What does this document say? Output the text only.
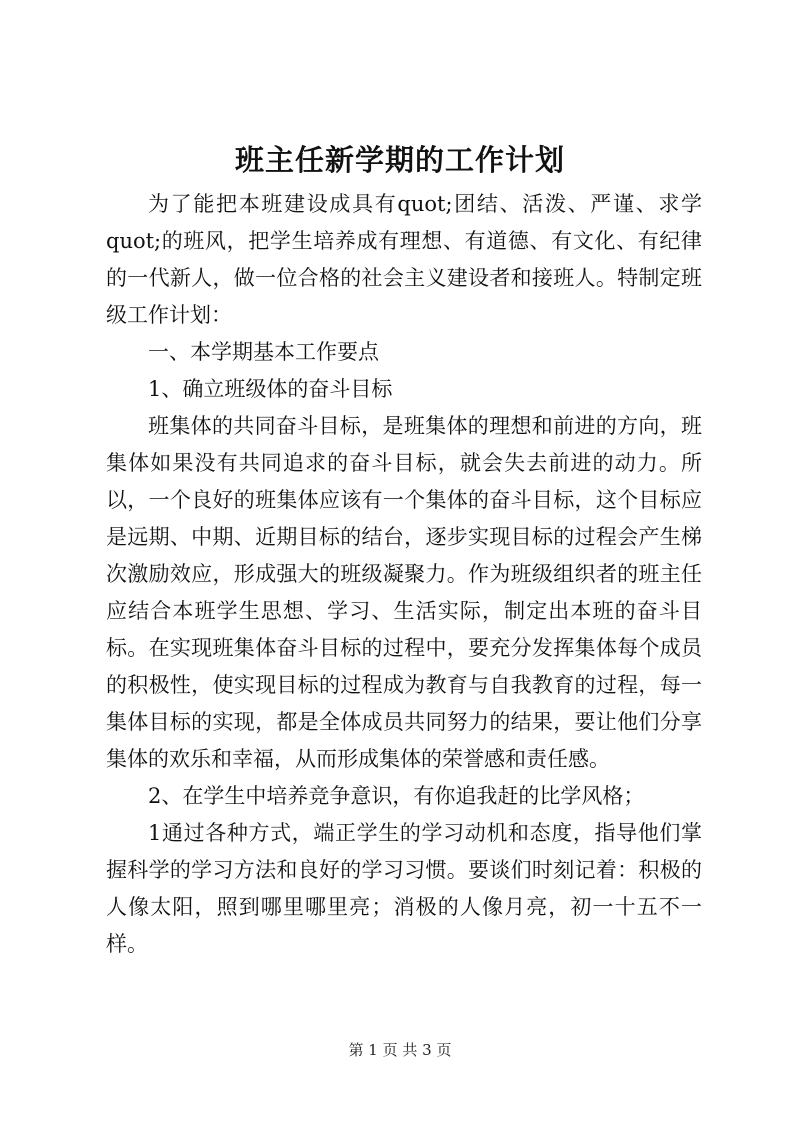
班主任新学期的工作计划

为了能把本班建设成具有quot;团结、活泼、严谨、求学quot;的班风，把学生培养成有理想、有道德、有文化、有纪律的一代新人，做一位合格的社会主义建设者和接班人。特制定班级工作计划：

一、本学期基本工作要点

1、确立班级体的奋斗目标

班集体的共同奋斗目标，是班集体的理想和前进的方向，班集体如果没有共同追求的奋斗目标，就会失去前进的动力。所以，一个良好的班集体应该有一个集体的奋斗目标，这个目标应是远期、中期、近期目标的结台，逐步实现目标的过程会产生梯次激励效应，形成强大的班级凝聚力。作为班级组织者的班主任应结合本班学生思想、学习、生活实际，制定出本班的奋斗目标。在实现班集体奋斗目标的过程中，要充分发挥集体每个成员的积极性，使实现目标的过程成为教育与自我教育的过程，每一集体目标的实现，都是全体成员共同努力的结果，要让他们分享集体的欢乐和幸福，从而形成集体的荣誉感和责任感。

2、在学生中培养竞争意识，有你追我赶的比学风格；

1通过各种方式，端正学生的学习动机和态度，指导他们掌握科学的学习方法和良好的学习习惯。要谈们时刻记着：积极的人像太阳，照到哪里哪里亮；消极的人像月亮，初一十五不一样。

第 1 页 共 3 页
